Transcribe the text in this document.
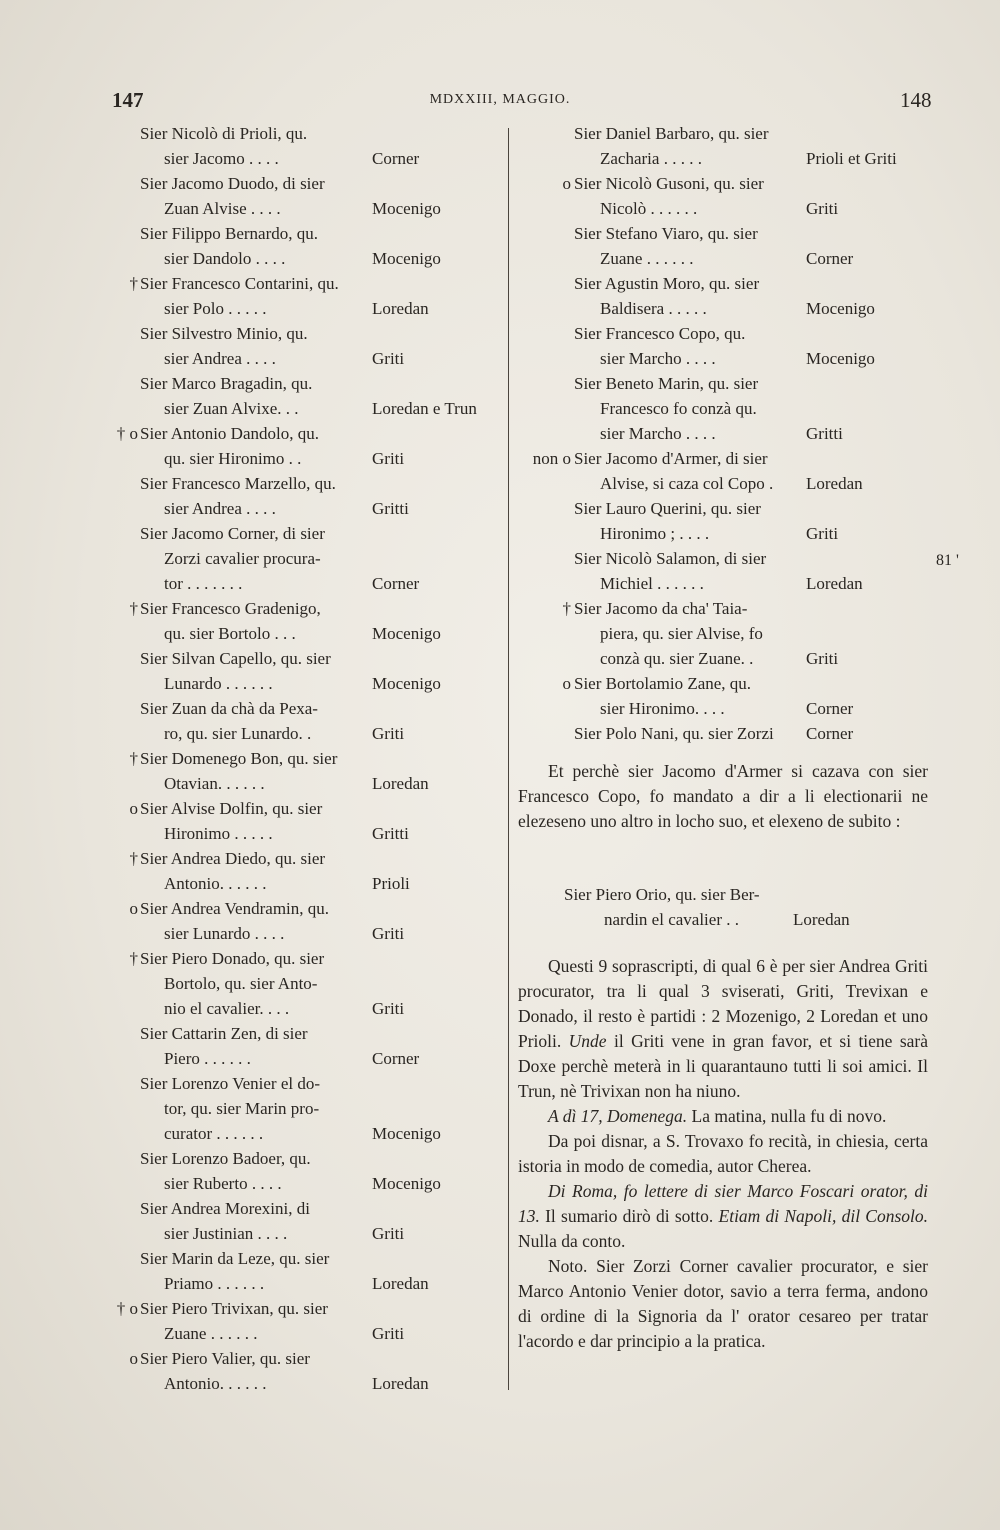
147	MDXXIII, MAGGIO.	148
Sier Nicolò di Prioli, qu.
sier Jacomo . . . .	Corner
Sier Jacomo Duodo, di sier
Zuan Alvise . . . .	Mocenigo
Sier Filippo Bernardo, qu.
sier Dandolo . . . .	Mocenigo
† Sier Francesco Contarini, qu.
sier Polo . . . . .	Loredan
Sier Silvestro Minio, qu.
sier Andrea . . . .	Griti
Sier Marco Bragadin, qu.
sier Zuan Alvixe. . .	Loredan e Trun
† o Sier Antonio Dandolo, qu.
qu. sier Hironimo . .	Griti
Sier Francesco Marzello, qu.
sier Andrea . . . .	Gritti
Sier Jacomo Corner, di sier
Zorzi cavalier procura-
tor . . . . . . .	Corner
† Sier Francesco Gradenigo,
qu. sier Bortolo . . .	Mocenigo
Sier Silvan Capello, qu. sier
Lunardo . . . . . .	Mocenigo
Sier Zuan da chà da Pexa-
ro, qu. sier Lunardo. .	Griti
† Sier Domenego Bon, qu. sier
Otavian. . . . . .	Loredan
o Sier Alvise Dolfin, qu. sier
Hironimo . . . . .	Gritti
† Sier Andrea Diedo, qu. sier
Antonio. . . . . .	Prioli
o Sier Andrea Vendramin, qu.
sier Lunardo . . . .	Griti
† Sier Piero Donado, qu. sier
Bortolo, qu. sier Anto-
nio el cavalier. . . .	Griti
Sier Cattarin Zen, di sier
Piero . . . . . .	Corner
Sier Lorenzo Venier el do-
tor, qu. sier Marin pro-
curator . . . . . .	Mocenigo
Sier Lorenzo Badoer, qu.
sier Ruberto . . . .	Mocenigo
Sier Andrea Morexini, di
sier Justinian . . . .	Griti
Sier Marin da Leze, qu. sier
Priamo . . . . . .	Loredan
† o Sier Piero Trivixan, qu. sier
Zuane . . . . . .	Griti
o Sier Piero Valier, qu. sier
Antonio. . . . . .	Loredan
Sier Daniel Barbaro, qu. sier
Zacharia . . . . .	Prioli et Griti
o Sier Nicolò Gusoni, qu. sier
Nicolò . . . . . .	Griti
Sier Stefano Viaro, qu. sier
Zuane . . . . . .	Corner
Sier Agustin Moro, qu. sier
Baldisera . . . . .	Mocenigo
Sier Francesco Copo, qu.
sier Marcho . . . .	Mocenigo
Sier Beneto Marin, qu. sier
Francesco fo conzà qu.
sier Marcho . . . .	Gritti
non o Sier Jacomo d'Armer, di sier
Alvise, si caza col Copo . Loredan
Sier Lauro Querini, qu. sier
Hironimo ; . . . .	Griti
Sier Nicolò Salamon, di sier
Michiel . . . . . .	Loredan
† Sier Jacomo da cha' Taia-
piera, qu. sier Alvise, fo
conzà qu. sier Zuane. .	Griti
o Sier Bortolamio Zane, qu.
sier Hironimo. . . .	Corner
Sier Polo Nani, qu. sier Zorzi Corner

Et perchè sier Jacomo d'Armer si cazava con sier Francesco Copo, fo mandato a dir a li electionarii ne elezeseno uno altro in locho suo, et elexeno de subito :

Sier Piero Orio, qu. sier Ber-
nardin el cavalier . .	Loredan

Questi 9 soprascripti, di qual 6 è per sier Andrea Griti procurator, tra li qual 3 sviserati, Griti, Trevixan e Donado, il resto è partidi : 2 Mozenigo, 2 Loredan et uno Prioli. Unde il Griti vene in gran favor, et si tiene sarà Doxe perchè meterà in li quarantauno tutti li soi amici. Il Trun, nè Trivixan non ha niuno.

A dì 17, Domenega. La matina, nulla fu di novo.

Da poi disnar, a S. Trovaxo fo recità, in chiesia, certa istoria in modo de comedia, autor Cherea.

Di Roma, fo lettere di sier Marco Foscari orator, di 13. Il sumario dirò di sotto. Etiam di Napoli, dil Consolo. Nulla da conto.

Noto. Sier Zorzi Corner cavalier procurator, e sier Marco Antonio Venier dotor, savio a terra ferma, andono di ordine di la Signoria da l' orator cesareo per tratar l'acordo e dar principio a la pratica.

81 '
